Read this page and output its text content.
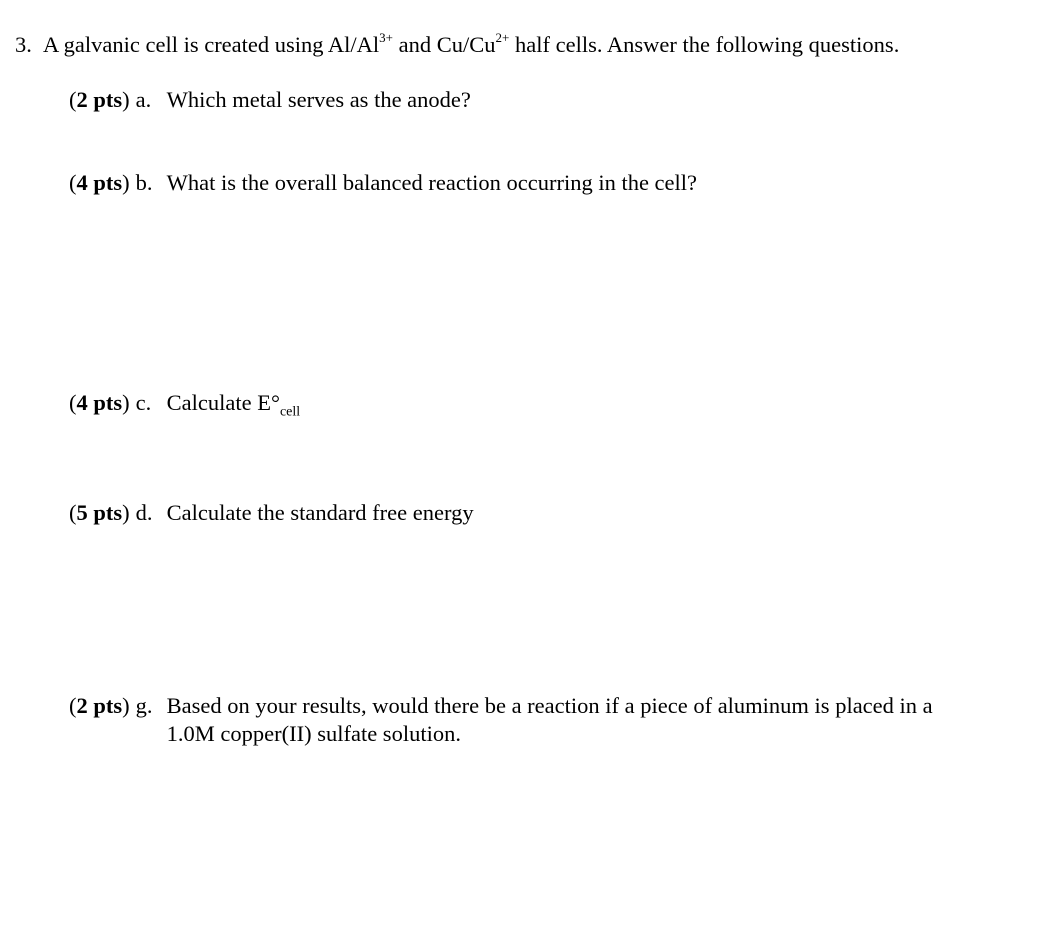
3. A galvanic cell is created using $Al/Al^{3+}$ and $Cu/Cu^{2+}$ half cells. Answer the following questions.
(2 pts) a. Which metal serves as the anode?
(4 pts) b. What is the overall balanced reaction occurring in the cell?
(4 pts) c. Calculate $E^\circ_{cell}$
(5 pts) d. Calculate the standard free energy
(2 pts) g. Based on your results, would there be a reaction if a piece of aluminum is placed in a
1.0M copper(II) sulfate solution.
